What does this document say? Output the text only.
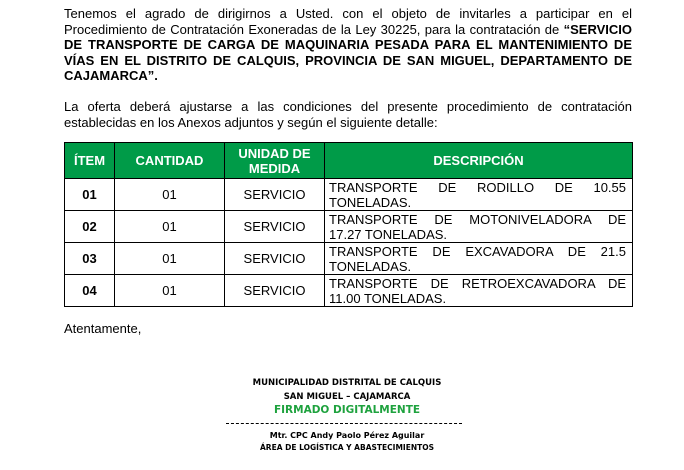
Tenemos el agrado de dirigirnos a Usted. con el objeto de invitarles a participar en el Procedimiento de Contratación Exoneradas de la Ley 30225, para la contratación de “SERVICIO DE TRANSPORTE DE CARGA DE MAQUINARIA PESADA PARA EL MANTENIMIENTO DE VÍAS EN EL DISTRITO DE CALQUIS, PROVINCIA DE SAN MIGUEL, DEPARTAMENTO DE CAJAMARCA”.

La oferta deberá ajustarse a las condiciones del presente procedimiento de contratación establecidas en los Anexos adjuntos y según el siguiente detalle:

ÍTEM	CANTIDAD	UNIDAD DE MEDIDA	DESCRIPCIÓN
01	01	SERVICIO	TRANSPORTE DE RODILLO DE 10.55
TONELADAS.

02	01	SERVICIO	TRANSPORTE DE MOTONIVELADORA DE
17.27 TONELADAS.

03	01	SERVICIO	TRANSPORTE DE EXCAVADORA DE 21.5
TONELADAS.

04	01	SERVICIO	TRANSPORTE DE RETROEXCAVADORA DE
11.00 TONELADAS.

Atentamente,

MUNICIPALIDAD DISTRITAL DE CALQUIS
SAN MIGUEL – CAJAMARCA
FIRMADO DIGITALMENTE
Mtr. CPC Andy Paolo Pérez Aguilar
ÁREA DE LOGÍSTICA Y ABASTECIMIENTOS
